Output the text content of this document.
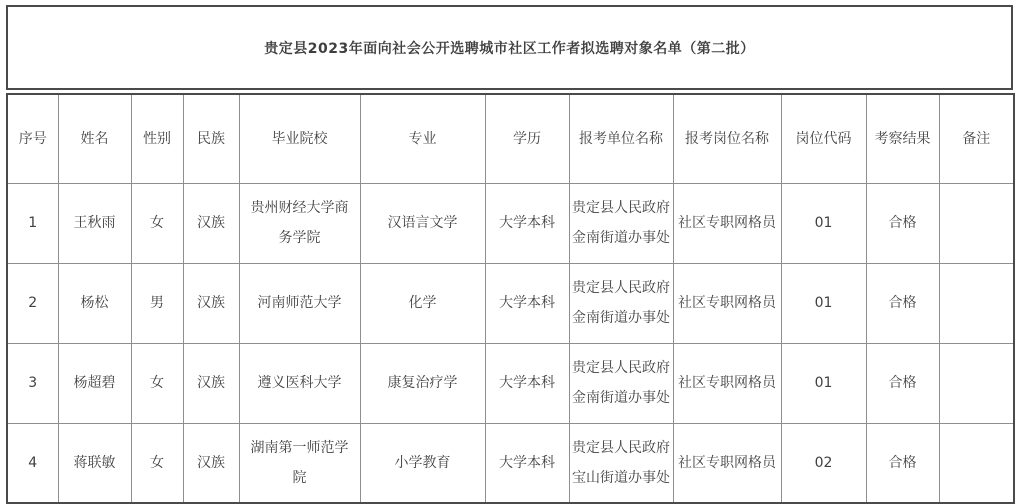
贵定县2023年面向社会公开选聘城市社区工作者拟选聘对象名单（第二批）
序号	姓名	性别	民族	毕业院校	专业	学历	报考单位名称	报考岗位名称	岗位代码	考察结果	备注
1	王秋雨	女	汉族	贵州财经大学商务学院	汉语言文学	大学本科	贵定县人民政府金南街道办事处	社区专职网格员	01	合格	
2	杨松	男	汉族	河南师范大学	化学	大学本科	贵定县人民政府金南街道办事处	社区专职网格员	01	合格	
3	杨超碧	女	汉族	遵义医科大学	康复治疗学	大学本科	贵定县人民政府金南街道办事处	社区专职网格员	01	合格	
4	蒋联敏	女	汉族	湖南第一师范学院	小学教育	大学本科	贵定县人民政府宝山街道办事处	社区专职网格员	02	合格	
